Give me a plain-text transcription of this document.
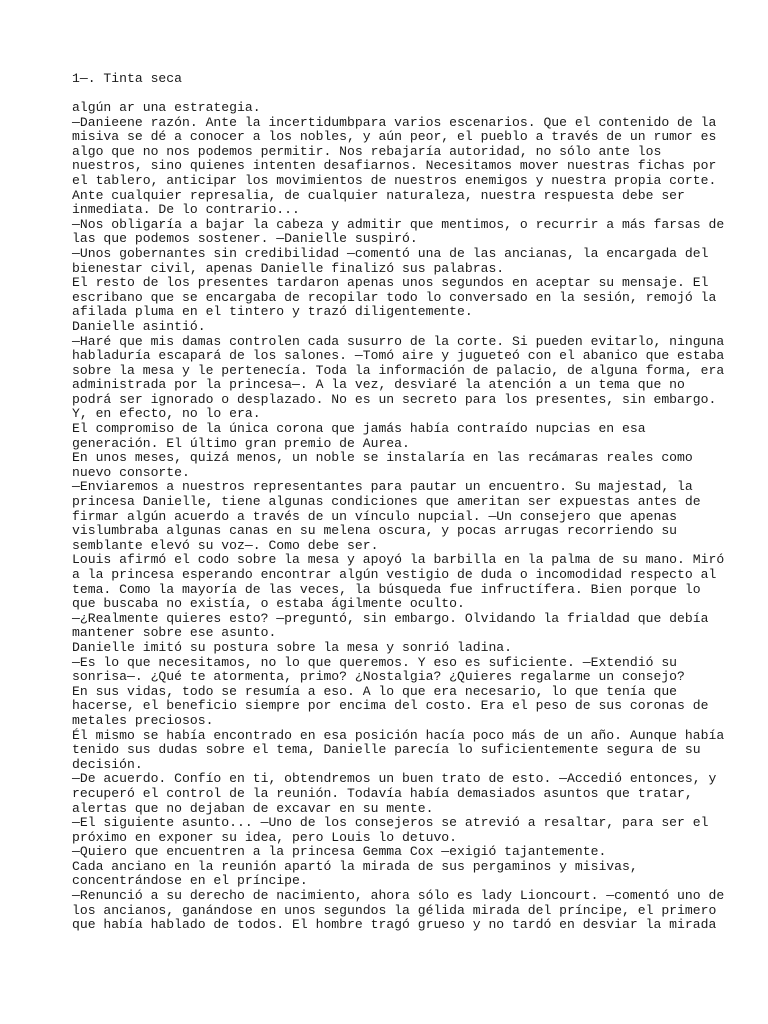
1—. Tinta seca
algún ar una estrategia.
—Danieene razón. Ante la incertidumbpara varios escenarios. Que el contenido de la
misiva se dé a conocer a los nobles, y aún peor, el pueblo a través de un rumor es
algo que no nos podemos permitir. Nos rebajaría autoridad, no sólo ante los
nuestros, sino quienes intenten desafiarnos. Necesitamos mover nuestras fichas por
el tablero, anticipar los movimientos de nuestros enemigos y nuestra propia corte.
Ante cualquier represalia, de cualquier naturaleza, nuestra respuesta debe ser
inmediata. De lo contrario...
—Nos obligaría a bajar la cabeza y admitir que mentimos, o recurrir a más farsas de
las que podemos sostener. —Danielle suspiró.
—Unos gobernantes sin credibilidad —comentó una de las ancianas, la encargada del
bienestar civil, apenas Danielle finalizó sus palabras.
El resto de los presentes tardaron apenas unos segundos en aceptar su mensaje. El
escribano que se encargaba de recopilar todo lo conversado en la sesión, remojó la
afilada pluma en el tintero y trazó diligentemente.
Danielle asintió.
—Haré que mis damas controlen cada susurro de la corte. Si pueden evitarlo, ninguna
habladuría escapará de los salones. —Tomó aire y jugueteó con el abanico que estaba
sobre la mesa y le pertenecía. Toda la información de palacio, de alguna forma, era
administrada por la princesa—. A la vez, desviaré la atención a un tema que no
podrá ser ignorado o desplazado. No es un secreto para los presentes, sin embargo.
Y, en efecto, no lo era.
El compromiso de la única corona que jamás había contraído nupcias en esa
generación. El último gran premio de Aurea.
En unos meses, quizá menos, un noble se instalaría en las recámaras reales como
nuevo consorte.
—Enviaremos a nuestros representantes para pautar un encuentro. Su majestad, la
princesa Danielle, tiene algunas condiciones que ameritan ser expuestas antes de
firmar algún acuerdo a través de un vínculo nupcial. —Un consejero que apenas
vislumbraba algunas canas en su melena oscura, y pocas arrugas recorriendo su
semblante elevó su voz—. Como debe ser.
Louis afirmó el codo sobre la mesa y apoyó la barbilla en la palma de su mano. Miró
a la princesa esperando encontrar algún vestigio de duda o incomodidad respecto al
tema. Como la mayoría de las veces, la búsqueda fue infructífera. Bien porque lo
que buscaba no existía, o estaba ágilmente oculto.
—¿Realmente quieres esto? —preguntó, sin embargo. Olvidando la frialdad que debía
mantener sobre ese asunto.
Danielle imitó su postura sobre la mesa y sonrió ladina.
—Es lo que necesitamos, no lo que queremos. Y eso es suficiente. —Extendió su
sonrisa—. ¿Qué te atormenta, primo? ¿Nostalgia? ¿Quieres regalarme un consejo?
En sus vidas, todo se resumía a eso. A lo que era necesario, lo que tenía que
hacerse, el beneficio siempre por encima del costo. Era el peso de sus coronas de
metales preciosos.
Él mismo se había encontrado en esa posición hacía poco más de un año. Aunque había
tenido sus dudas sobre el tema, Danielle parecía lo suficientemente segura de su
decisión.
—De acuerdo. Confío en ti, obtendremos un buen trato de esto. —Accedió entonces, y
recuperó el control de la reunión. Todavía había demasiados asuntos que tratar,
alertas que no dejaban de excavar en su mente.
—El siguiente asunto... —Uno de los consejeros se atrevió a resaltar, para ser el
próximo en exponer su idea, pero Louis lo detuvo.
—Quiero que encuentren a la princesa Gemma Cox —exigió tajantemente.
Cada anciano en la reunión apartó la mirada de sus pergaminos y misivas,
concentrándose en el príncipe.
—Renunció a su derecho de nacimiento, ahora sólo es lady Lioncourt. —comentó uno de
los ancianos, ganándose en unos segundos la gélida mirada del príncipe, el primero
que había hablado de todos. El hombre tragó grueso y no tardó en desviar la mirada
